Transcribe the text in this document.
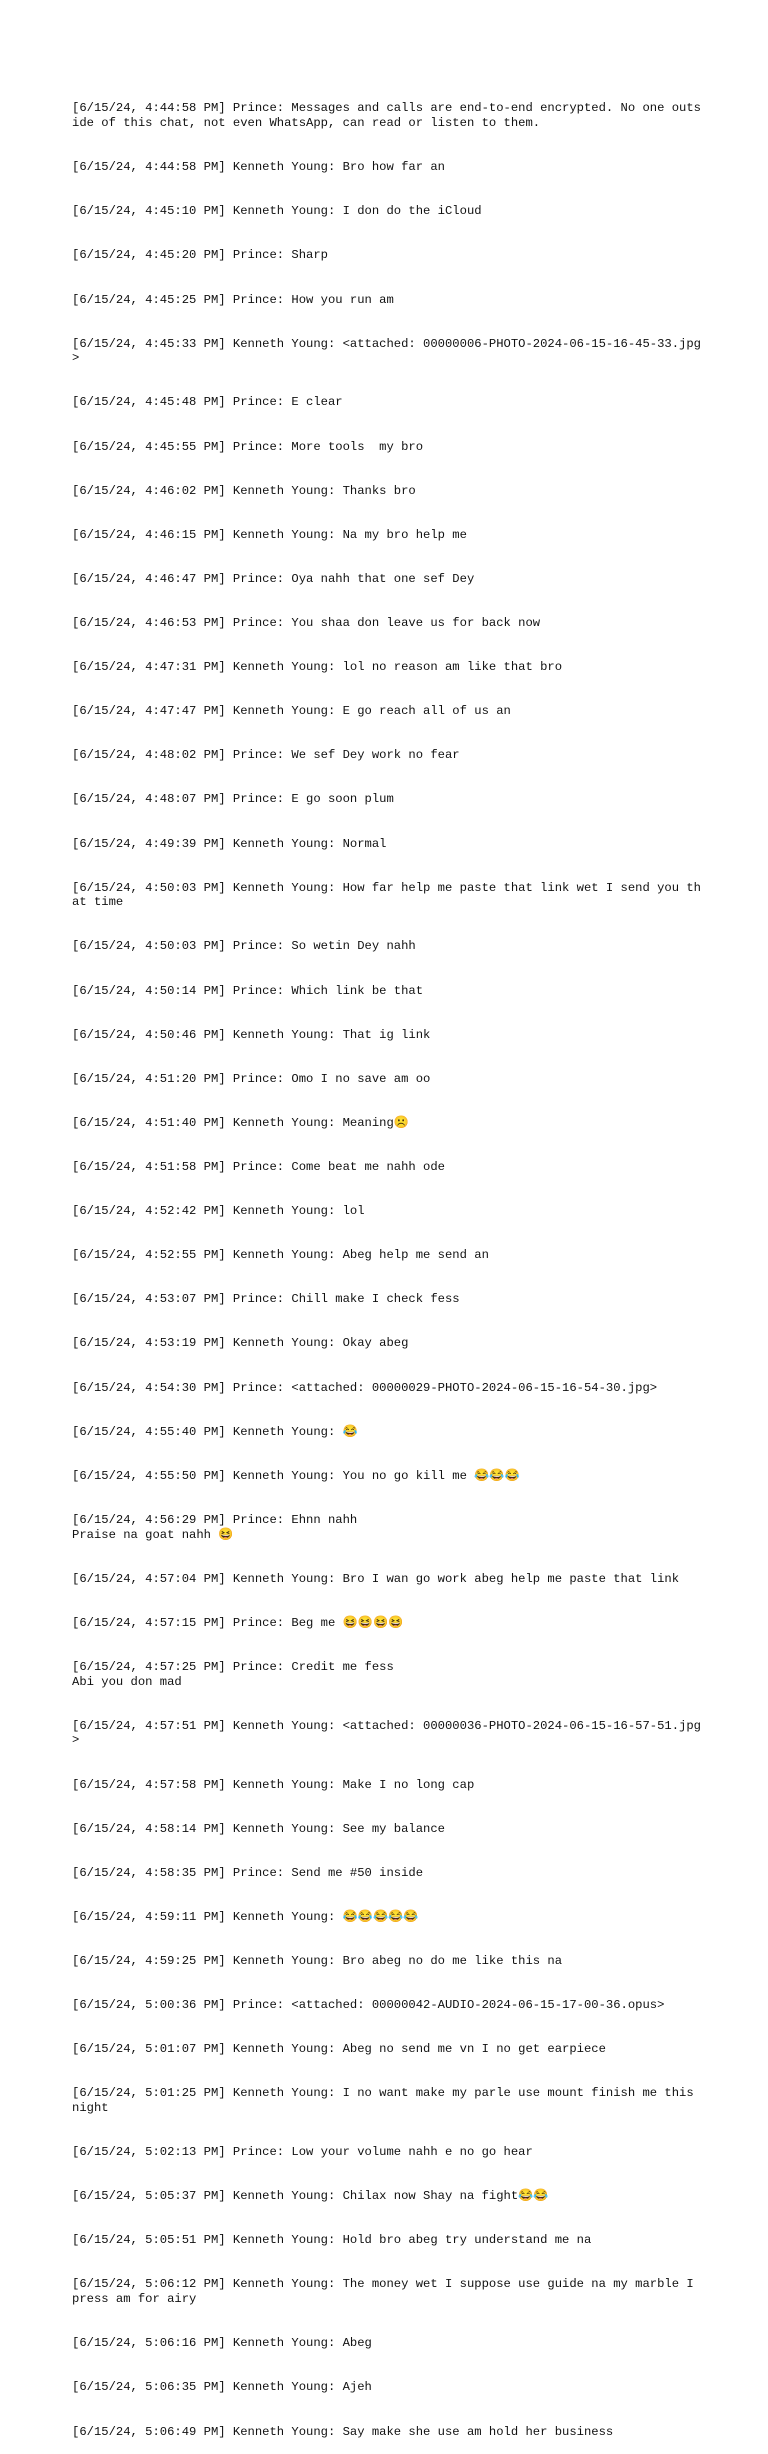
[6/15/24, 4:44:58 PM] Prince: Messages and calls are end-to-end encrypted. No one outside of this chat, not even WhatsApp, can read or listen to them.

[6/15/24, 4:44:58 PM] Kenneth Young: Bro how far an

[6/15/24, 4:45:10 PM] Kenneth Young: I don do the iCloud

[6/15/24, 4:45:20 PM] Prince: Sharp

[6/15/24, 4:45:25 PM] Prince: How you run am

[6/15/24, 4:45:33 PM] Kenneth Young: <attached: 00000006-PHOTO-2024-06-15-16-45-33.jpg>

[6/15/24, 4:45:48 PM] Prince: E clear

[6/15/24, 4:45:55 PM] Prince: More tools  my bro

[6/15/24, 4:46:02 PM] Kenneth Young: Thanks bro

[6/15/24, 4:46:15 PM] Kenneth Young: Na my bro help me

[6/15/24, 4:46:47 PM] Prince: Oya nahh that one sef Dey

[6/15/24, 4:46:53 PM] Prince: You shaa don leave us for back now

[6/15/24, 4:47:31 PM] Kenneth Young: lol no reason am like that bro

[6/15/24, 4:47:47 PM] Kenneth Young: E go reach all of us an

[6/15/24, 4:48:02 PM] Prince: We sef Dey work no fear

[6/15/24, 4:48:07 PM] Prince: E go soon plum

[6/15/24, 4:49:39 PM] Kenneth Young: Normal

[6/15/24, 4:50:03 PM] Kenneth Young: How far help me paste that link wet I send you that time

[6/15/24, 4:50:03 PM] Prince: So wetin Dey nahh

[6/15/24, 4:50:14 PM] Prince: Which link be that

[6/15/24, 4:50:46 PM] Kenneth Young: That ig link

[6/15/24, 4:51:20 PM] Prince: Omo I no save am oo

[6/15/24, 4:51:40 PM] Kenneth Young: Meaning☹️

[6/15/24, 4:51:58 PM] Prince: Come beat me nahh ode

[6/15/24, 4:52:42 PM] Kenneth Young: lol

[6/15/24, 4:52:55 PM] Kenneth Young: Abeg help me send an

[6/15/24, 4:53:07 PM] Prince: Chill make I check fess

[6/15/24, 4:53:19 PM] Kenneth Young: Okay abeg

[6/15/24, 4:54:30 PM] Prince: <attached: 00000029-PHOTO-2024-06-15-16-54-30.jpg>

[6/15/24, 4:55:40 PM] Kenneth Young: 😂

[6/15/24, 4:55:50 PM] Kenneth Young: You no go kill me 😂😂😂

[6/15/24, 4:56:29 PM] Prince: Ehnn nahh
Praise na goat nahh 😆

[6/15/24, 4:57:04 PM] Kenneth Young: Bro I wan go work abeg help me paste that link

[6/15/24, 4:57:15 PM] Prince: Beg me 😆😆😆😆

[6/15/24, 4:57:25 PM] Prince: Credit me fess
Abi you don mad

[6/15/24, 4:57:51 PM] Kenneth Young: <attached: 00000036-PHOTO-2024-06-15-16-57-51.jpg>

[6/15/24, 4:57:58 PM] Kenneth Young: Make I no long cap

[6/15/24, 4:58:14 PM] Kenneth Young: See my balance

[6/15/24, 4:58:35 PM] Prince: Send me #50 inside

[6/15/24, 4:59:11 PM] Kenneth Young: 😂😂😂😂😂

[6/15/24, 4:59:25 PM] Kenneth Young: Bro abeg no do me like this na

[6/15/24, 5:00:36 PM] Prince: <attached: 00000042-AUDIO-2024-06-15-17-00-36.opus>

[6/15/24, 5:01:07 PM] Kenneth Young: Abeg no send me vn I no get earpiece

[6/15/24, 5:01:25 PM] Kenneth Young: I no want make my parle use mount finish me this night

[6/15/24, 5:02:13 PM] Prince: Low your volume nahh e no go hear

[6/15/24, 5:05:37 PM] Kenneth Young: Chilax now Shay na fight😂😂

[6/15/24, 5:05:51 PM] Kenneth Young: Hold bro abeg try understand me na

[6/15/24, 5:06:12 PM] Kenneth Young: The money wet I suppose use guide na my marble I press am for airy

[6/15/24, 5:06:16 PM] Kenneth Young: Abeg

[6/15/24, 5:06:35 PM] Kenneth Young: Ajeh

[6/15/24, 5:06:49 PM] Kenneth Young: Say make she use am hold her business
